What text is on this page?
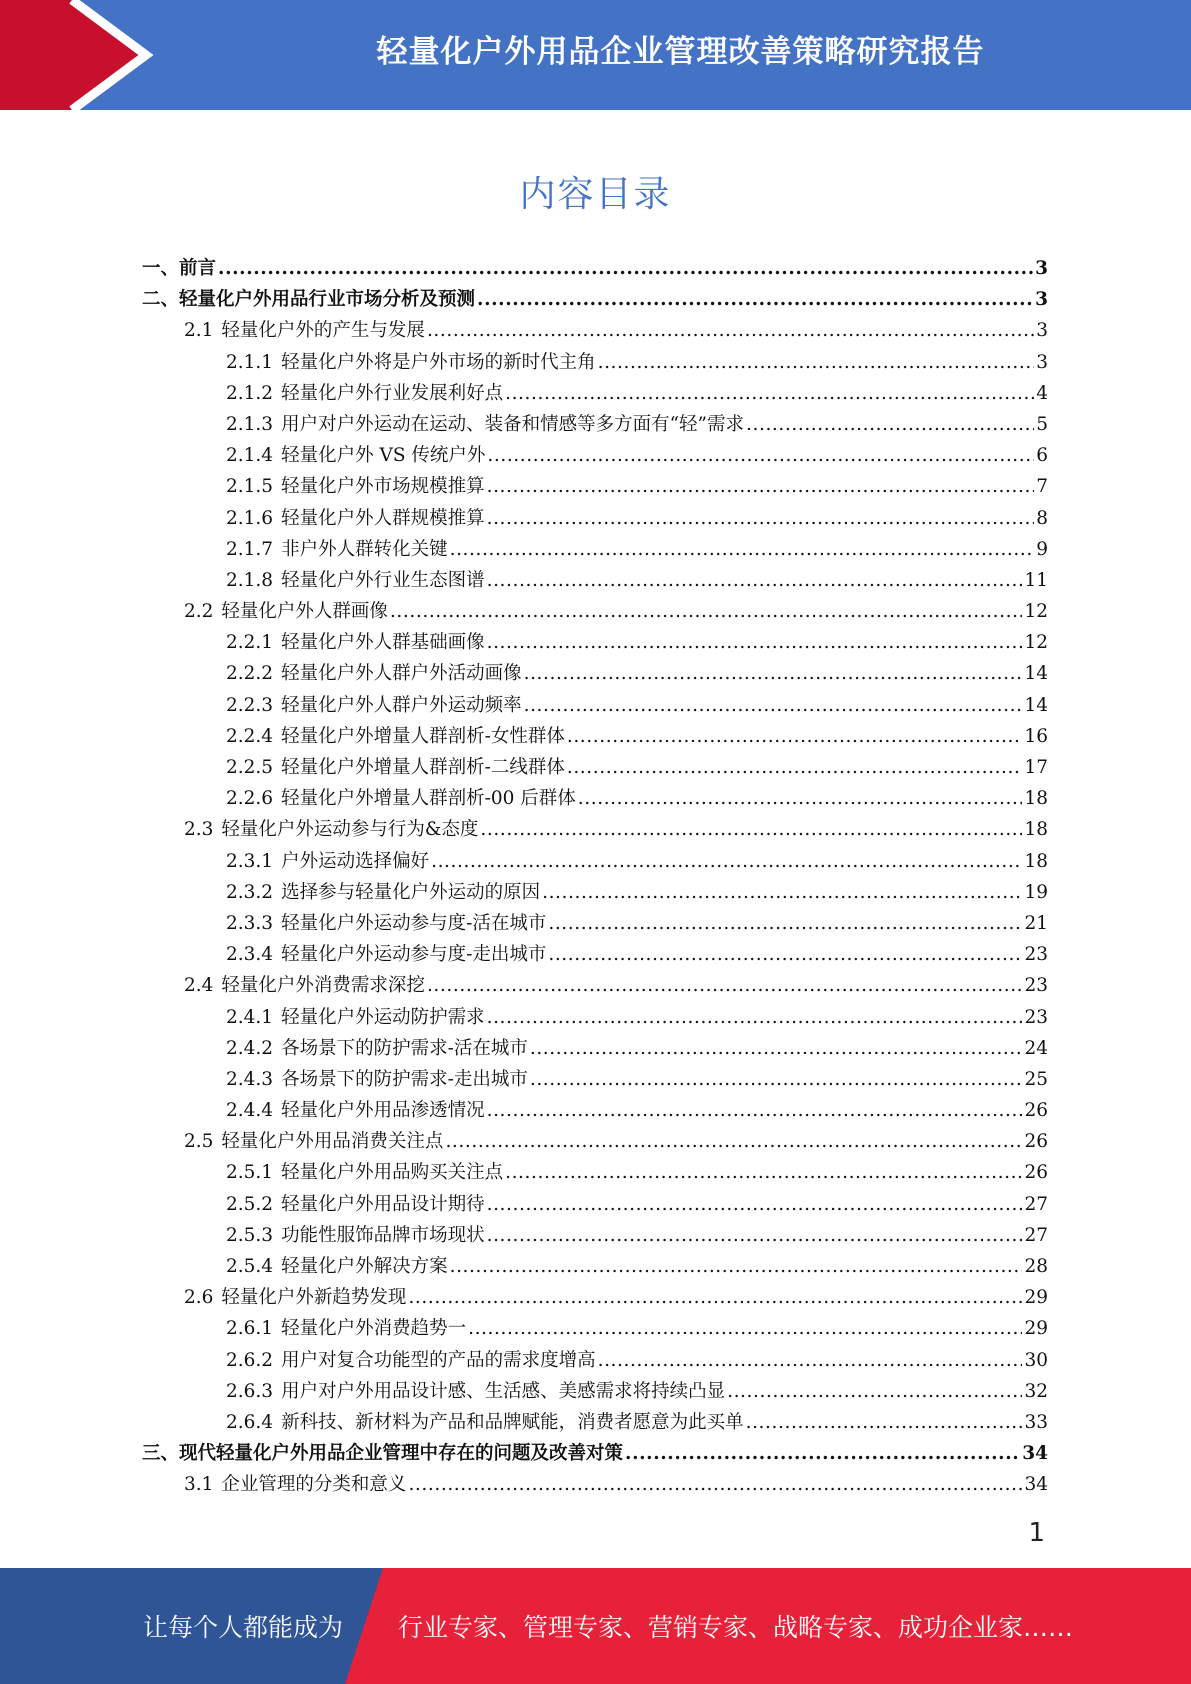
轻量化户外用品企业管理改善策略研究报告
内容目录
一、 前言 .....	3
二、 轻量化户外用品行业市场分析及预测 .....	3
2.1 轻量化户外的产生与发展 .....	3
2.1.1 轻量化户外将是户外市场的新时代主角 .....	3
2.1.2 轻量化户外行业发展利好点 .....	4
2.1.3 用户对户外运动在运动、装备和情感等多方面有“轻”需求 .....	5
2.1.4 轻量化户外 VS 传统户外 .....	6
2.1.5 轻量化户外市场规模推算 .....	7
2.1.6 轻量化户外人群规模推算 .....	8
2.1.7 非户外人群转化关键 .....	9
2.1.8 轻量化户外行业生态图谱 .....	11
2.2 轻量化户外人群画像 .....	12
2.2.1 轻量化户外人群基础画像 .....	12
2.2.2 轻量化户外人群户外活动画像 .....	14
2.2.3 轻量化户外人群户外运动频率 .....	14
2.2.4 轻量化户外增量人群剖析-女性群体 .....	16
2.2.5 轻量化户外增量人群剖析-二线群体 .....	17
2.2.6 轻量化户外增量人群剖析-00 后群体 .....	18
2.3 轻量化户外运动参与行为&态度 .....	18
2.3.1 户外运动选择偏好 .....	18
2.3.2 选择参与轻量化户外运动的原因 .....	19
2.3.3 轻量化户外运动参与度-活在城市 .....	21
2.3.4 轻量化户外运动参与度-走出城市 .....	23
2.4 轻量化户外消费需求深挖 .....	23
2.4.1 轻量化户外运动防护需求 .....	23
2.4.2 各场景下的防护需求-活在城市 .....	24
2.4.3 各场景下的防护需求-走出城市 .....	25
2.4.4 轻量化户外用品渗透情况 .....	26
2.5 轻量化户外用品消费关注点 .....	26
2.5.1 轻量化户外用品购买关注点 .....	26
2.5.2 轻量化户外用品设计期待 .....	27
2.5.3 功能性服饰品牌市场现状 .....	27
2.5.4 轻量化户外解决方案 .....	28
2.6 轻量化户外新趋势发现 .....	29
2.6.1 轻量化户外消费趋势一 .....	29
2.6.2 用户对复合功能型的产品的需求度增高 .....	30
2.6.3 用户对户外用品设计感、生活感、美感需求将持续凸显 .....	32
2.6.4 新科技、新材料为产品和品牌赋能，消费者愿意为此买单 .....	33
三、 现代轻量化户外用品企业管理中存在的问题及改善对策 .....	34
3.1 企业管理的分类和意义 .....	34
1
让每个人都能成为 行业专家、管理专家、营销专家、战略专家、成功企业家……
